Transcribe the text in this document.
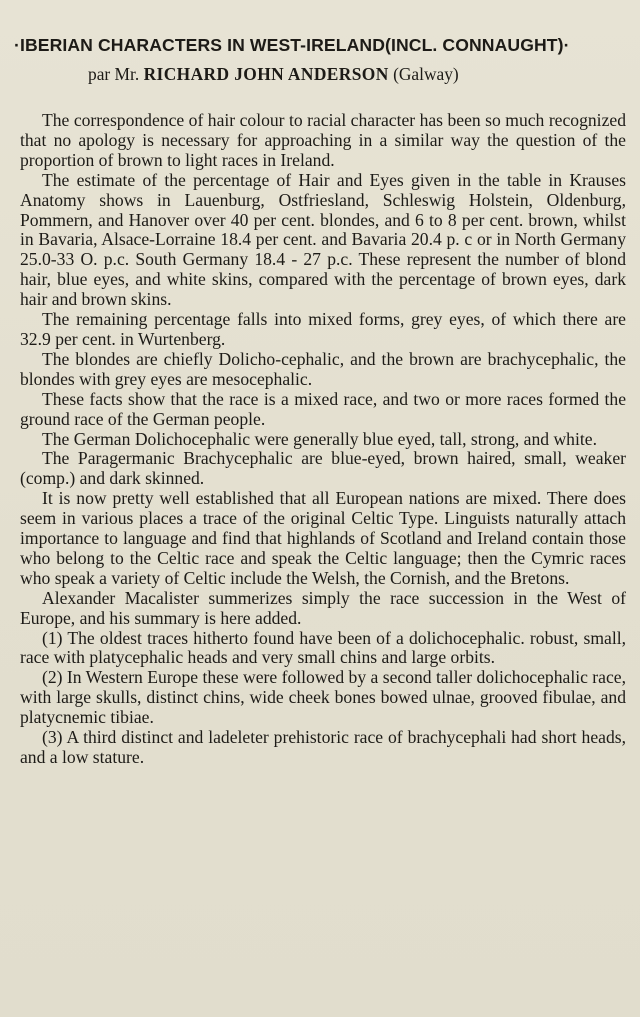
·IBERIAN CHARACTERS IN WEST-IRELAND(INCL. CONNAUGHT)·
par Mr. RICHARD JOHN ANDERSON (Galway)

The correspondence of hair colour to racial character has been so much recognized that no apology is necessary for approaching in a similar way the question of the proportion of brown to light races in Ireland.

The estimate of the percentage of Hair and Eyes given in the table in Krauses Anatomy shows in Lauenburg, Ostfriesland, Schleswig Holstein, Oldenburg, Pommern, and Hanover over 40 per cent. blondes, and 6 to 8 per cent. brown, whilst in Bavaria, Alsace-Lorraine 18.4 per cent. and Bavaria 20.4 p. c or in North Germany 25.0-33 O. p.c. South Germany 18.4 - 27 p.c. These represent the number of blond hair, blue eyes, and white skins, compared with the percentage of brown eyes, dark hair and brown skins.

The remaining percentage falls into mixed forms, grey eyes, of which there are 32.9 per cent. in Wurtenberg.

The blondes are chiefly Dolicho-cephalic, and the brown are brachycephalic, the blondes with grey eyes are mesocephalic.

These facts show that the race is a mixed race, and two or more races formed the ground race of the German people.

The German Dolichocephalic were generally blue eyed, tall, strong, and white.

The Paragermanic Brachycephalic are blue-eyed, brown haired, small, weaker (comp.) and dark skinned.

It is now pretty well established that all European nations are mixed. There does seem in various places a trace of the original Celtic Type. Linguists naturally attach importance to language and find that highlands of Scotland and Ireland contain those who belong to the Celtic race and speak the Celtic language; then the Cymric races who speak a variety of Celtic include the Welsh, the Cornish, and the Bretons.

Alexander Macalister summerizes simply the race succession in the West of Europe, and his summary is here added.

(1) The oldest traces hitherto found have been of a dolichocephalic. robust, small, race with platycephalic heads and very small chins and large orbits.

(2) In Western Europe these were followed by a second taller dolichocephalic race, with large skulls, distinct chins, wide cheek bones bowed ulnae, grooved fibulae, and platycnemic tibiae.

(3) A third distinct and ladeleter prehistoric race of brachycephali had short heads, and a low stature.
